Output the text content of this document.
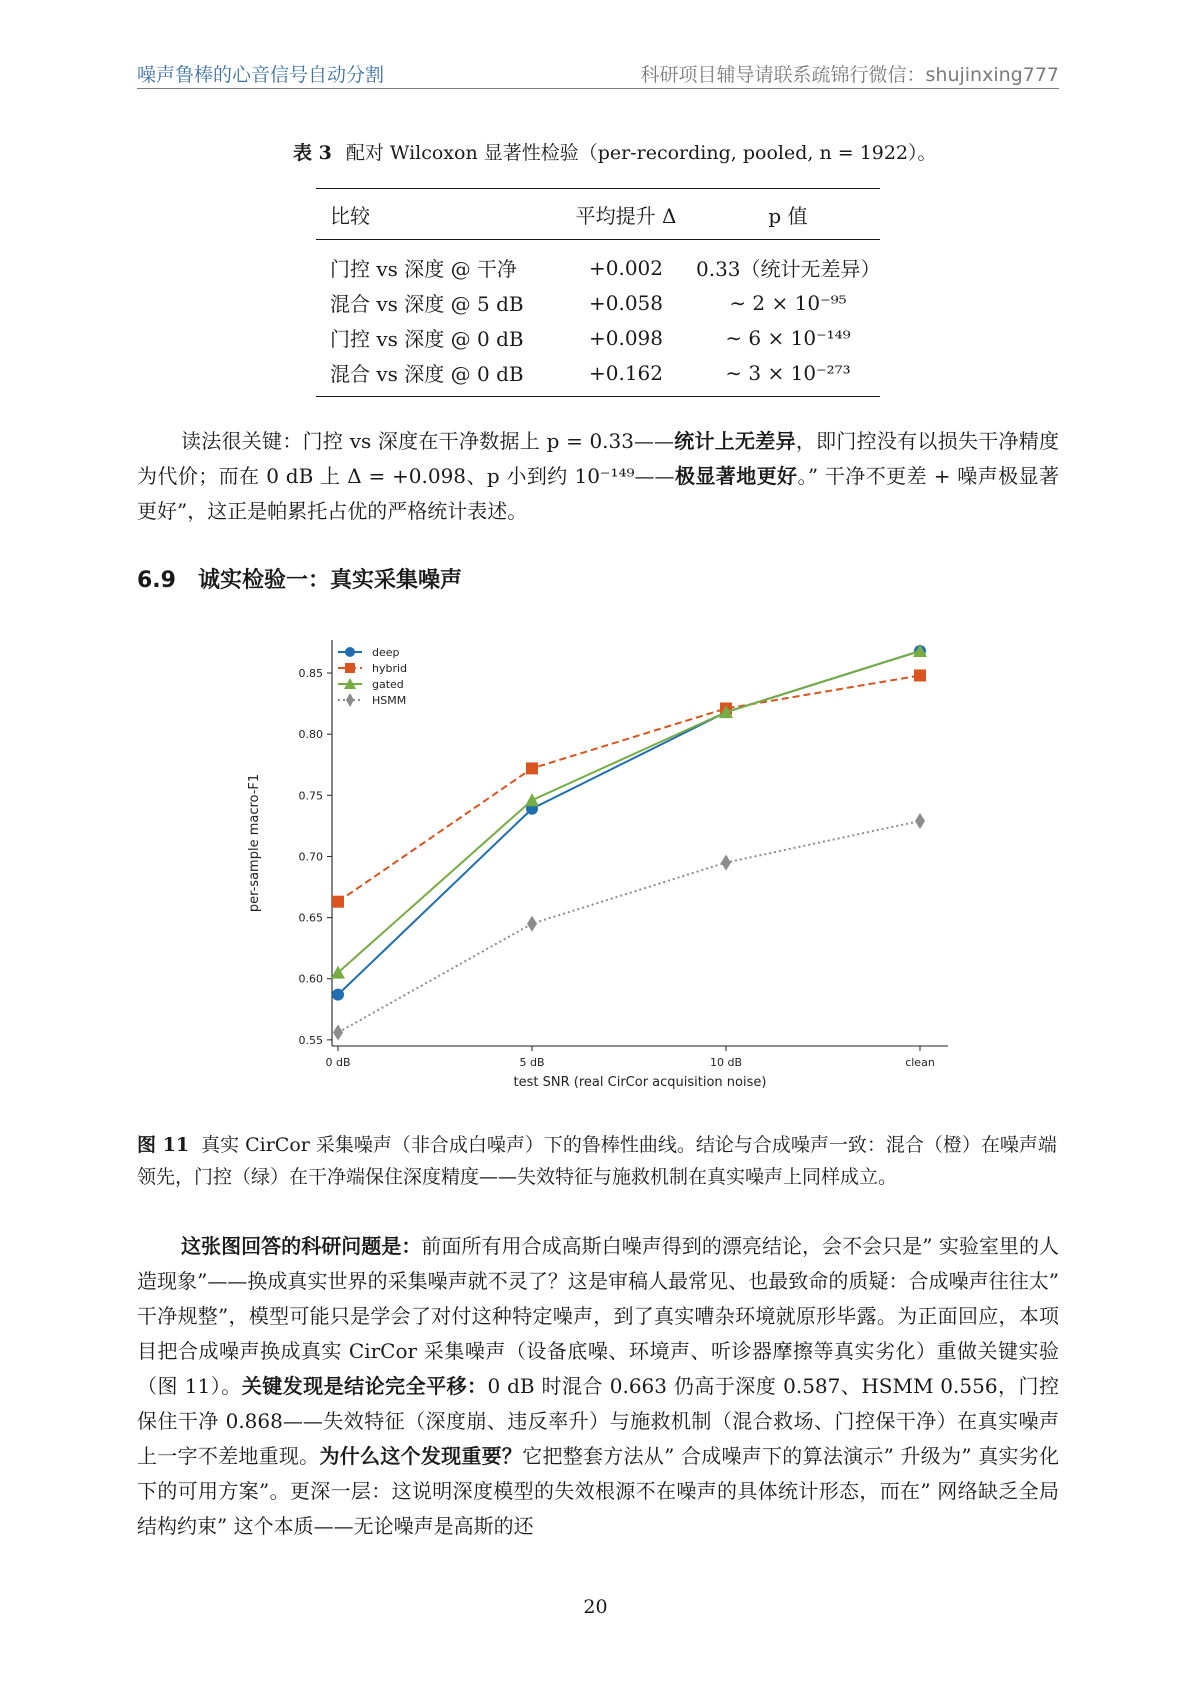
噪声鲁棒的心音信号自动分割	科研项目辅导请联系疏锦行微信：shujinxing777
表 3 配对 Wilcoxon 显著性检验（per-recording, pooled, n = 1922）。
比较	平均提升 Δ	p 值
门控 vs 深度 @ 干净	+0.002	0.33（统计无差异）
混合 vs 深度 @ 5 dB	+0.058	∼ 2 × 10⁻⁹⁵
门控 vs 深度 @ 0 dB	+0.098	∼ 6 × 10⁻¹⁴⁹
混合 vs 深度 @ 0 dB	+0.162	∼ 3 × 10⁻²⁷³
读法很关键：门控 vs 深度在干净数据上 p = 0.33——统计上无差异，即门控没有以损失干净精度为代价；而在 0 dB 上 Δ = +0.098、p 小到约 10⁻¹⁴⁹——极显著地更好。” 干净不更差 + 噪声极显著更好”，这正是帕累托占优的严格统计表述。
6.9 诚实检验一：真实采集噪声
0.55
0.60
0.65
0.70
0.75
0.80
0.85
0 dB	5 dB	10 dB	clean
test SNR (real CirCor acquisition noise)
per-sample macro-F1
deep
hybrid
gated
HSMM
图 11 真实 CirCor 采集噪声（非合成白噪声）下的鲁棒性曲线。结论与合成噪声一致：混合（橙）在噪声端领先，门控（绿）在干净端保住深度精度——失效特征与施救机制在真实噪声上同样成立。
这张图回答的科研问题是：前面所有用合成高斯白噪声得到的漂亮结论，会不会只是” 实验室里的人造现象”——换成真实世界的采集噪声就不灵了？这是审稿人最常见、也最致命的质疑：合成噪声往往太” 干净规整”，模型可能只是学会了对付这种特定噪声，到了真实嘈杂环境就原形毕露。为正面回应，本项目把合成噪声换成真实 CirCor 采集噪声（设备底噪、环境声、听诊器摩擦等真实劣化）重做关键实验（图 11）。关键发现是结论完全平移：0 dB 时混合 0.663 仍高于深度 0.587、HSMM 0.556，门控保住干净 0.868——失效特征（深度崩、违反率升）与施救机制（混合救场、门控保干净）在真实噪声上一字不差地重现。为什么这个发现重要？它把整套方法从” 合成噪声下的算法演示” 升级为” 真实劣化下的可用方案”。更深一层：这说明深度模型的失效根源不在噪声的具体统计形态，而在” 网络缺乏全局结构约束” 这个本质——无论噪声是高斯的还
20
